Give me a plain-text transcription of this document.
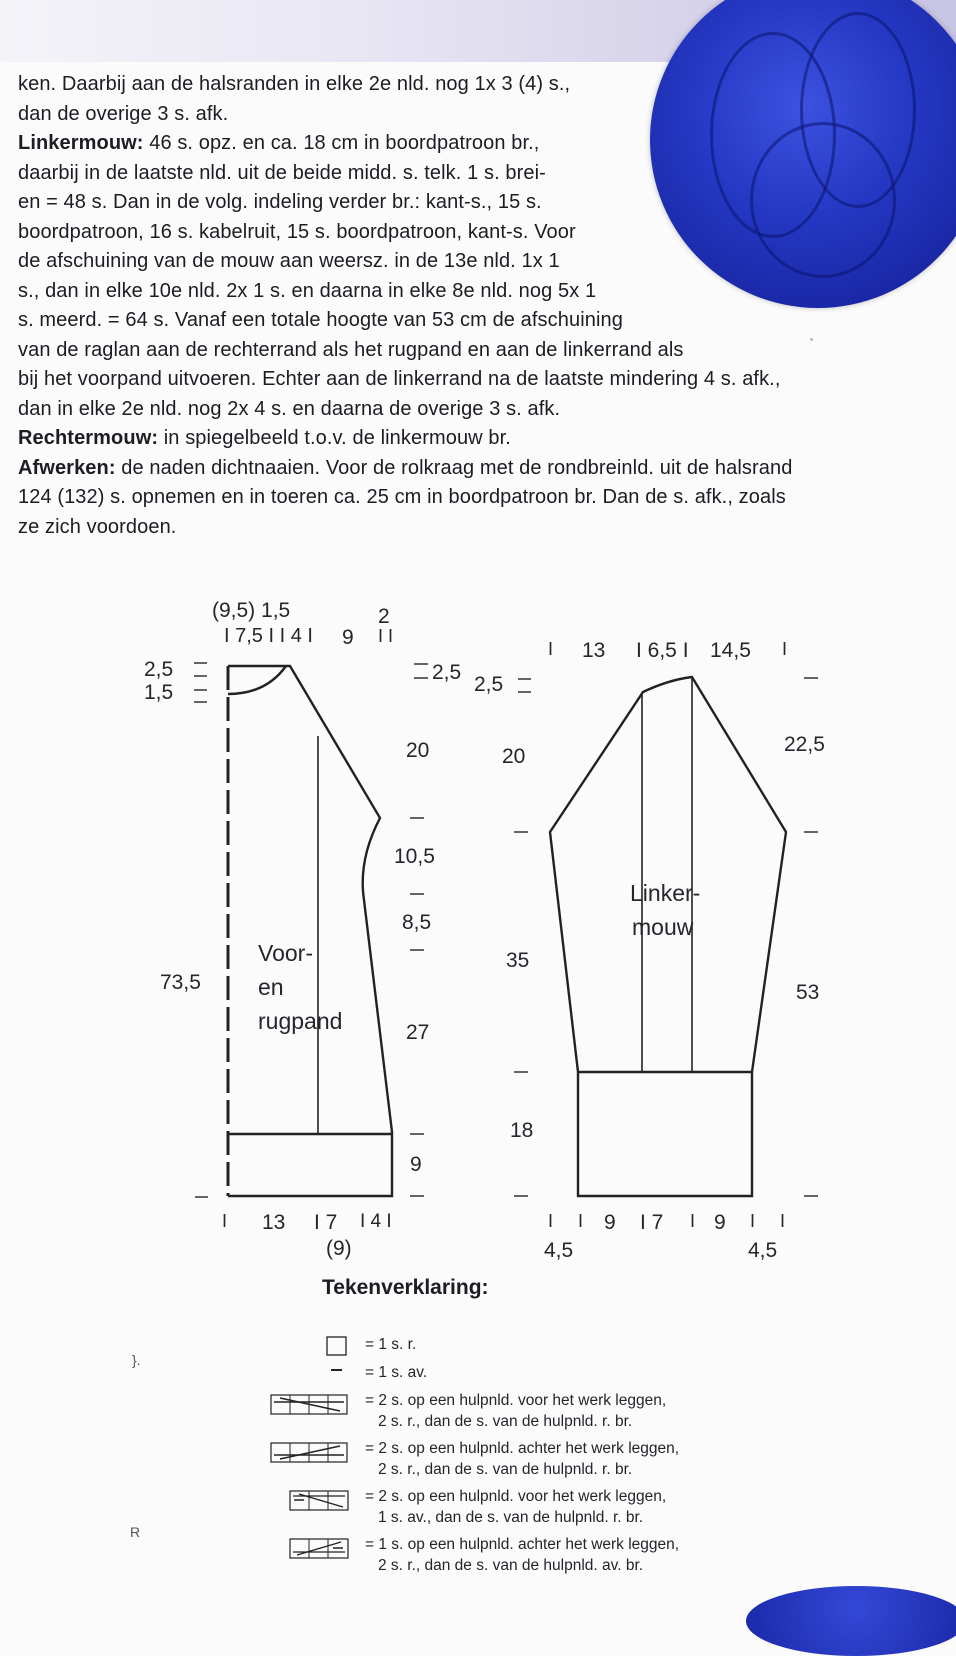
ken. Daarbij aan de halsranden in elke 2e nld. nog 1x 3 (4) s.,

dan de overige 3 s. afk.

Linkermouw: 46 s. opz. en ca. 18 cm in boordpatroon br.,

daarbij in de laatste nld. uit de beide midd. s. telk. 1 s. brei-

en = 48 s. Dan in de volg. indeling verder br.: kant-s., 15 s.

boordpatroon, 16 s. kabelruit, 15 s. boordpatroon, kant-s. Voor

de afschuining van de mouw aan weersz. in de 13e nld. 1x 1

s., dan in elke 10e nld. 2x 1 s. en daarna in elke 8e nld. nog 5x 1

s. meerd. = 64 s. Vanaf een totale hoogte van 53 cm de afschuining

van de raglan aan de rechterrand als het rugpand en aan de linkerrand als

bij het voorpand uitvoeren. Echter aan de linkerrand na de laatste mindering 4 s. afk.,

dan in elke 2e nld. nog 2x 4 s. en daarna de overige 3 s. afk.

Rechtermouw: in spiegelbeeld t.o.v. de linkermouw br.

Afwerken: de naden dichtnaaien. Voor de rolkraag met de rondbreinld. uit de halsrand

124 (132) s. opnemen en in toeren ca. 25 cm in boordpatroon br. Dan de s. afk., zoals

ze zich voordoen.

(9,5) 1,5
I 7,5 I I 4 I 9
2
I I
2,5
1,5
73,5
2,5
20
10,5
8,5
27
9
I 13 I 7 I 4 I
(9)
Voor-
en
rugpand
I 13 I 6,5 I 14,5 I
2,5
20
35
18
22,5
53
I I 9 I 7 I 9 I I
4,5	4,5
Linker-
mouw
Tekenverklaring:
= 1 s. r.
= 1 s. av.
= 2 s. op een hulpnld. voor het werk leggen,
2 s. r., dan de s. van de hulpnld. r. br.
= 2 s. op een hulpnld. achter het werk leggen,
2 s. r., dan de s. van de hulpnld. r. br.
= 2 s. op een hulpnld. voor het werk leggen,
1 s. av., dan de s. van de hulpnld. r. br.
= 1 s. op een hulpnld. achter het werk leggen,
2 s. r., dan de s. van de hulpnld. av. br.
}.
R
